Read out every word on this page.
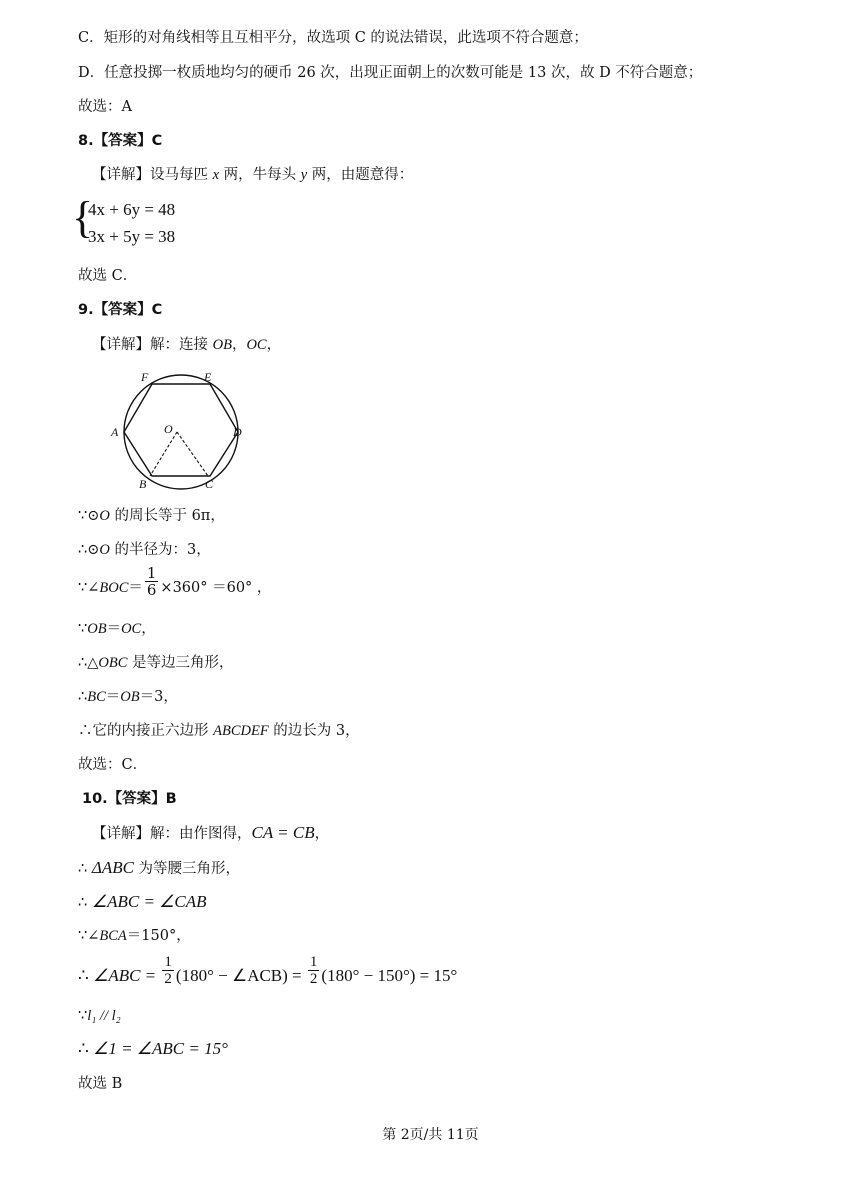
C．矩形的对角线相等且互相平分，故选项 C 的说法错误，此选项不符合题意；
D．任意投掷一枚质地均匀的硬币 26 次，出现正面朝上的次数可能是 13 次，故 D 不符合题意；
故选：A
8.【答案】C
【详解】设马每匹 x 两，牛每头 y 两，由题意得：
{
4x + 6y = 48
3x + 5y = 38
故选 C．
9.【答案】C
【详解】解：连接 OB，OC，
F	E
A	O	D
B	C
∵⊙O 的周长等于 6π，
∴⊙O 的半径为：3，
∵∠BOC＝ $\frac{1}{6} \times 360^\circ =60^\circ$ ，
∵OB＝OC，
∴△OBC 是等边三角形，
∴BC＝OB＝3，
∴它的内接正六边形 ABCDEF 的边长为 3，
故选：C．
10.【答案】B
【详解】解：由作图得，CA = CB，
∴ ΔABC 为等腰三角形，
∴ ∠ABC = ∠CAB
∵∠BCA＝150°，
∴ ∠ABC = $\frac{1}{2} (180^\circ$ − ∠ACB) = $\frac{1}{2} (180^\circ - 150^\circ) = 15^\circ$
∵l₁ // l₂
∴ ∠1 = ∠ABC = 15°
故选 B
第 2页/共 11页
